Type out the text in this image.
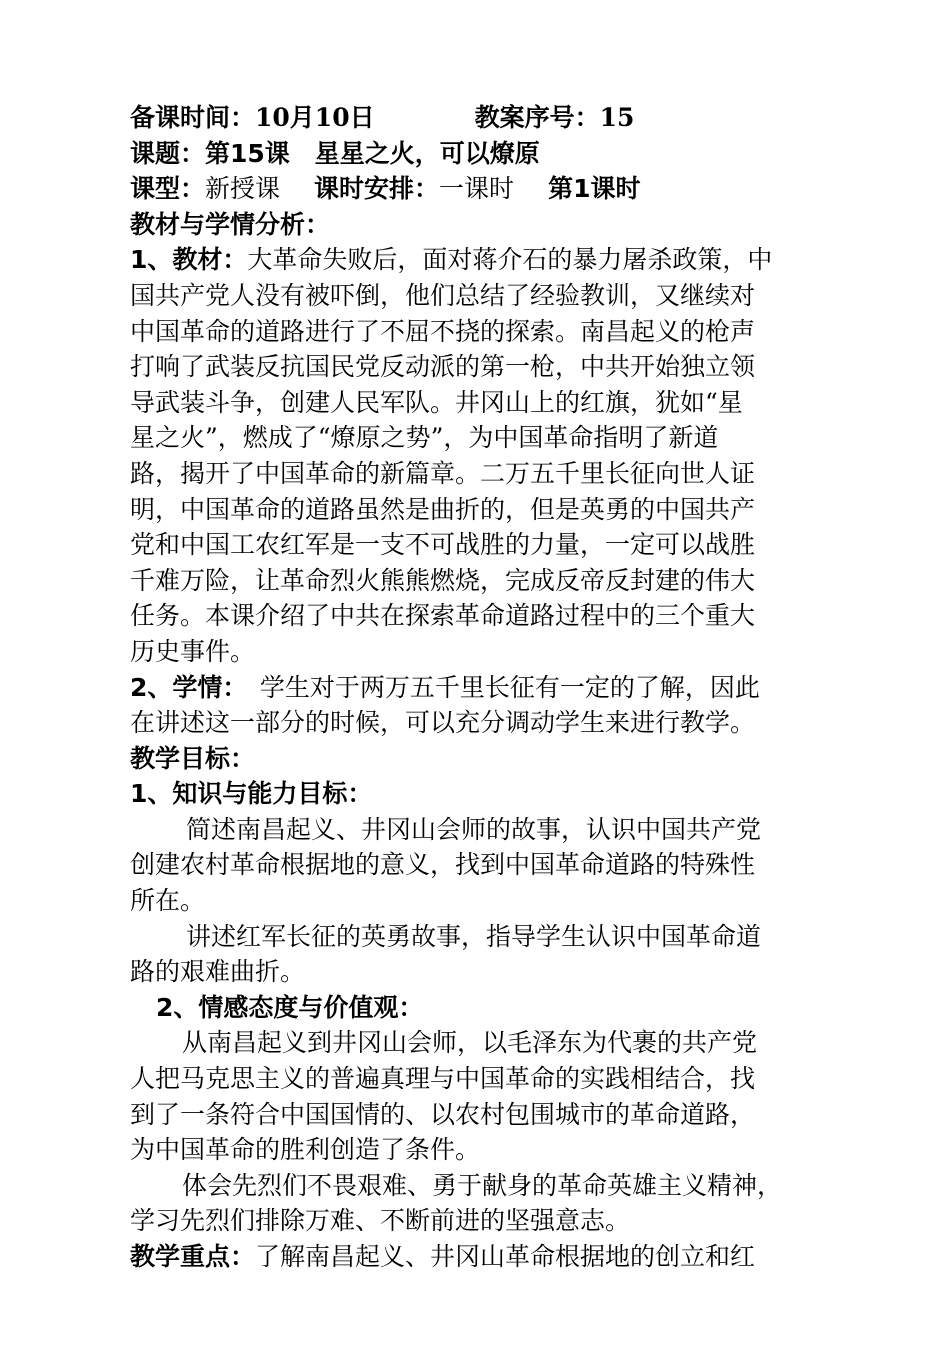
备课时间：10月10日	教案序号：15
课题：第15课　星星之火，可以燎原
课型：新授课 课时安排：一课时 第1课时
教材与学情分析：
1、教材：大革命失败后，面对蒋介石的暴力屠杀政策，中
国共产党人没有被吓倒，他们总结了经验教训，又继续对
中国革命的道路进行了不屈不挠的探索。南昌起义的枪声
打响了武装反抗国民党反动派的第一枪，中共开始独立领
导武装斗争，创建人民军队。井冈山上的红旗，犹如“星
星之火”，燃成了“燎原之势”，为中国革命指明了新道
路，揭开了中国革命的新篇章。二万五千里长征向世人证
明，中国革命的道路虽然是曲折的，但是英勇的中国共产
党和中国工农红军是一支不可战胜的力量，一定可以战胜
千难万险，让革命烈火熊熊燃烧，完成反帝反封建的伟大
任务。本课介绍了中共在探索革命道路过程中的三个重大
历史事件。
2、学情：　学生对于两万五千里长征有一定的了解，因此
在讲述这一部分的时候，可以充分调动学生来进行教学。
教学目标：
1、知识与能力目标：
简述南昌起义、井冈山会师的故事，认识中国共产党
创建农村革命根据地的意义，找到中国革命道路的特殊性
所在。
讲述红军长征的英勇故事，指导学生认识中国革命道
路的艰难曲折。
2、情感态度与价值观：
从南昌起义到井冈山会师，以毛泽东为代裹的共产党
人把马克思主义的普遍真理与中国革命的实践相结合，找
到了一条符合中国国情的、以农村包围城市的革命道路，
为中国革命的胜利创造了条件。
体会先烈们不畏艰难、勇于献身的革命英雄主义精神，
学习先烈们排除万难、不断前进的坚强意志。
教学重点：了解南昌起义、井冈山革命根据地的创立和红
